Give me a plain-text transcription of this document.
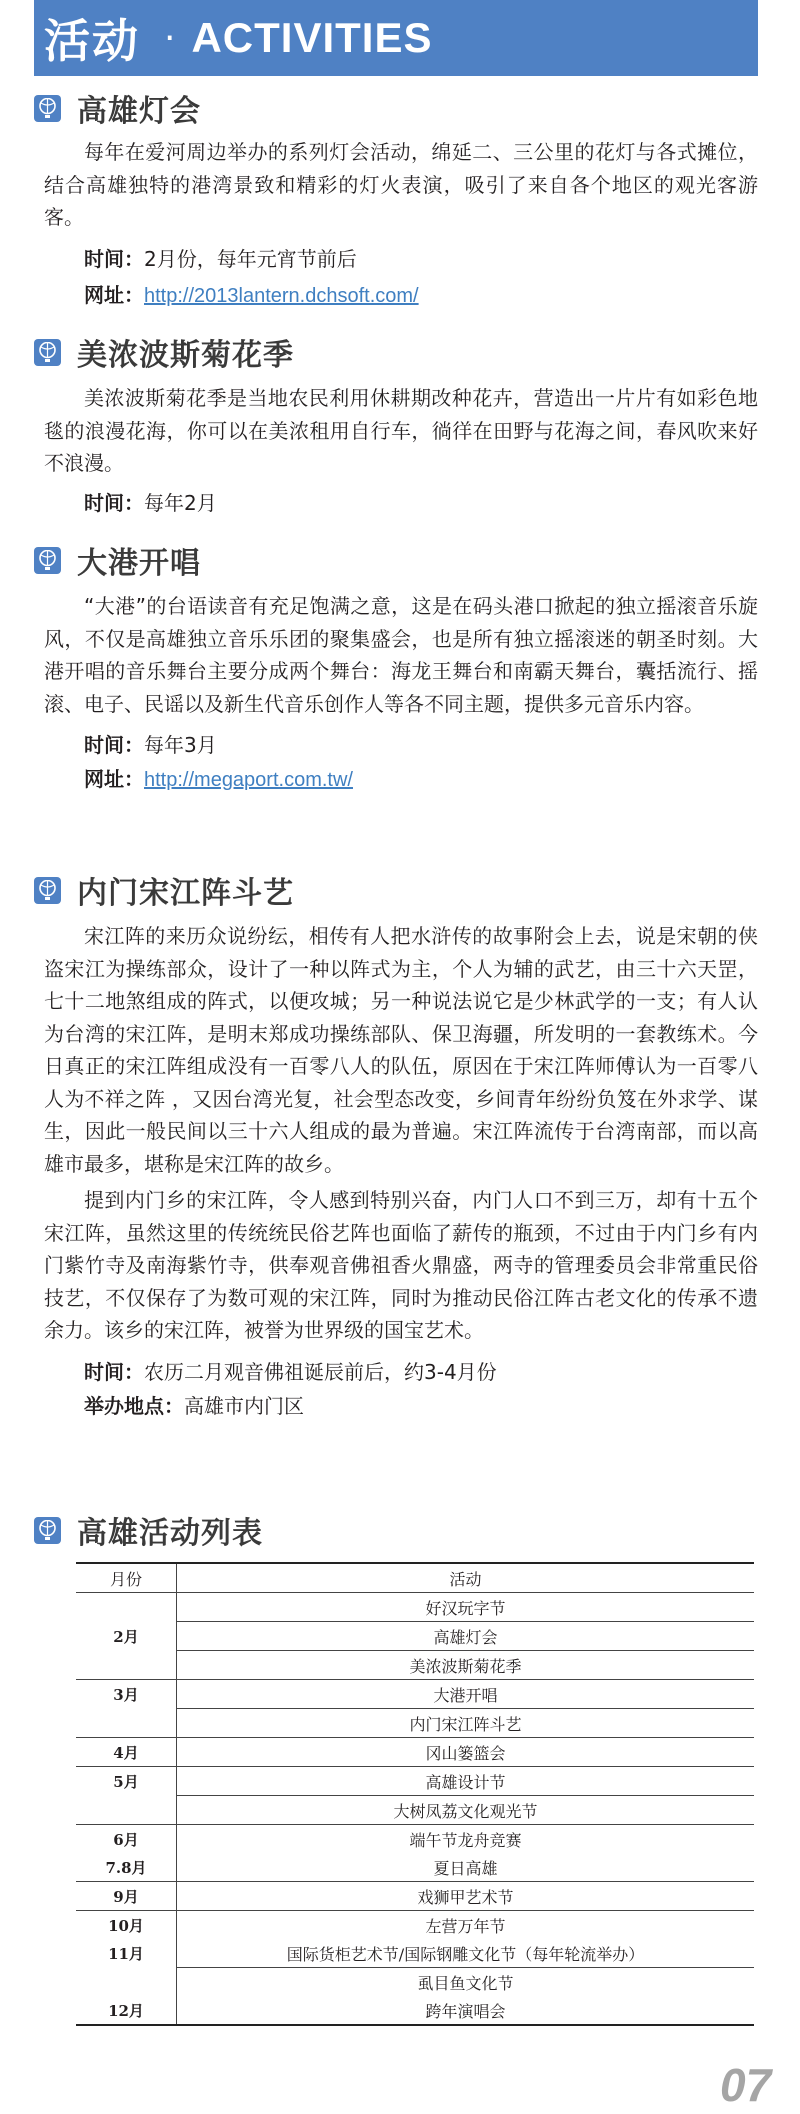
活动 · ACTIVITIES
高雄灯会

每年在爱河周边举办的系列灯会活动，绵延二、三公里的花灯与各式摊位，结合高雄独特的港湾景致和精彩的灯火表演，吸引了来自各个地区的观光客游客。

时间：2月份，每年元宵节前后

网址：http://2013lantern.dchsoft.com/

美浓波斯菊花季

美浓波斯菊花季是当地农民利用休耕期改种花卉，营造出一片片有如彩色地毯的浪漫花海，你可以在美浓租用自行车，徜徉在田野与花海之间，春风吹来好不浪漫。

时间：每年2月

大港开唱

“大港”的台语读音有充足饱满之意，这是在码头港口掀起的独立摇滚音乐旋风，不仅是高雄独立音乐乐团的聚集盛会，也是所有独立摇滚迷的朝圣时刻。大港开唱的音乐舞台主要分成两个舞台：海龙王舞台和南霸天舞台，囊括流行、摇滚、电子、民谣以及新生代音乐创作人等各不同主题，提供多元音乐内容。

时间：每年3月

网址：http://megaport.com.tw/

内门宋江阵斗艺

宋江阵的来历众说纷纭，相传有人把水浒传的故事附会上去，说是宋朝的侠盗宋江为操练部众，设计了一种以阵式为主，个人为辅的武艺，由三十六天罡，七十二地煞组成的阵式，以便攻城；另一种说法说它是少林武学的一支；有人认为台湾的宋江阵，是明末郑成功操练部队、保卫海疆，所发明的一套教练术。今日真正的宋江阵组成没有一百零八人的队伍，原因在于宋江阵师傅认为一百零八人为不祥之阵 ，又因台湾光复，社会型态改变，乡间青年纷纷负笈在外求学、谋生，因此一般民间以三十六人组成的最为普遍。宋江阵流传于台湾南部，而以高雄市最多，堪称是宋江阵的故乡。

提到内门乡的宋江阵，令人感到特别兴奋，内门人口不到三万，却有十五个宋江阵，虽然这里的传统统民俗艺阵也面临了薪传的瓶颈，不过由于内门乡有内门紫竹寺及南海紫竹寺，供奉观音佛祖香火鼎盛，两寺的管理委员会非常重民俗技艺，不仅保存了为数可观的宋江阵，同时为推动民俗江阵古老文化的传承不遗余力。该乡的宋江阵，被誉为世界级的国宝艺术。

时间：农历二月观音佛祖诞辰前后，约3-4月份

举办地点：高雄市内门区

高雄活动列表
月份	活动
	好汉玩字节
2月	高雄灯会
	美浓波斯菊花季
3月	大港开唱
	内门宋江阵斗艺
4月	冈山篓篮会
5月	高雄设计节
	大树凤荔文化观光节
6月	端午节龙舟竞赛
7.8月	夏日高雄
9月	戏狮甲艺术节
10月	左营万年节
11月	国际货柜艺术节/国际钢雕文化节（每年轮流举办）
	虱目鱼文化节
12月	跨年演唱会
07
